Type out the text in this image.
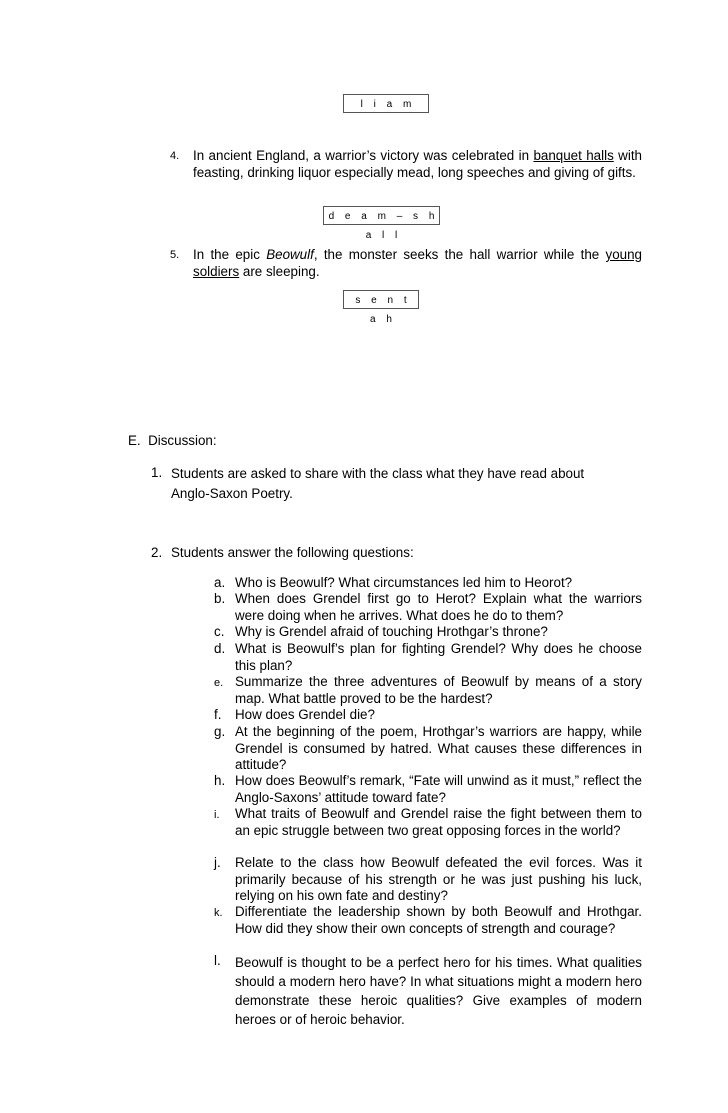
l i a m
d e a m – s h a l l
s e n t a h
4. In ancient England, a warrior’s victory was celebrated in banquet halls with feasting, drinking liquor especially mead, long speeches and giving of gifts.
5. In the epic Beowulf, the monster seeks the hall warrior while the young soldiers are sleeping.
E.  Discussion:
1. Students are asked to share with the class what they have read about Anglo-Saxon Poetry.
2. Students answer the following questions:
a. Who is Beowulf? What circumstances led him to Heorot?
b. When does Grendel first go to Herot? Explain what the warriors were doing when he arrives. What does he do to them?
c. Why is Grendel afraid of touching Hrothgar’s throne?
d. What is Beowulf’s plan for fighting Grendel? Why does he choose this plan?
e. Summarize the three adventures of Beowulf by means of a story map. What battle proved to be the hardest?
f. How does Grendel die?
g. At the beginning of the poem, Hrothgar’s warriors are happy, while Grendel is consumed by hatred. What causes these differences in attitude?
h. How does Beowulf’s remark, “Fate will unwind as it must,” reflect the Anglo-Saxons’ attitude toward fate?
i. What traits of Beowulf and Grendel raise the fight between them to an epic struggle between two great opposing forces in the world?
j. Relate to the class how Beowulf defeated the evil forces. Was it primarily because of his strength or he was just pushing his luck, relying on his own fate and destiny?
k. Differentiate the leadership shown by both Beowulf and Hrothgar. How did they show their own concepts of strength and courage?
l. Beowulf is thought to be a perfect hero for his times. What qualities should a modern hero have? In what situations might a modern hero demonstrate these heroic qualities? Give examples of modern heroes or of heroic behavior.
